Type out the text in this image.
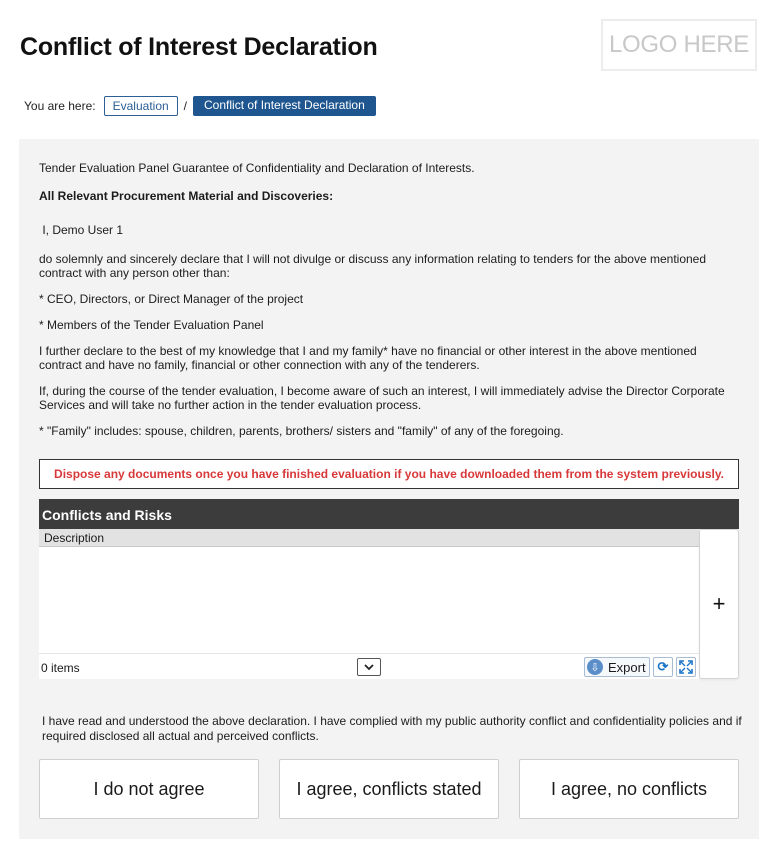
Conflict of Interest Declaration	LOGO HERE
You are here:	Evaluation	/	Conflict of Interest Declaration

Tender Evaluation Panel Guarantee of Confidentiality and Declaration of Interests.

All Relevant Procurement Material and Discoveries:

I, Demo User 1

do solemnly and sincerely declare that I will not divulge or discuss any information relating to tenders for the above mentioned contract with any person other than:

* CEO, Directors, or Direct Manager of the project

* Members of the Tender Evaluation Panel

I further declare to the best of my knowledge that I and my family* have no financial or other interest in the above mentioned contract and have no family, financial or other connection with any of the tenderers.

If, during the course of the tender evaluation, I become aware of such an interest, I will immediately advise the Director Corporate Services and will take no further action in the tender evaluation process.

* "Family" includes: spouse, children, parents, brothers/ sisters and "family" of any of the foregoing.

Dispose any documents once you have finished evaluation if you have downloaded them from the system previously.
Conflicts and Risks
Description
0 items	⇩ Export ⟳
+
I have read and understood the above declaration. I have complied with my public authority conflict and confidentiality policies and if required disclosed all actual and perceived conflicts.
I do not agree	I agree, conflicts stated	I agree, no conflicts
